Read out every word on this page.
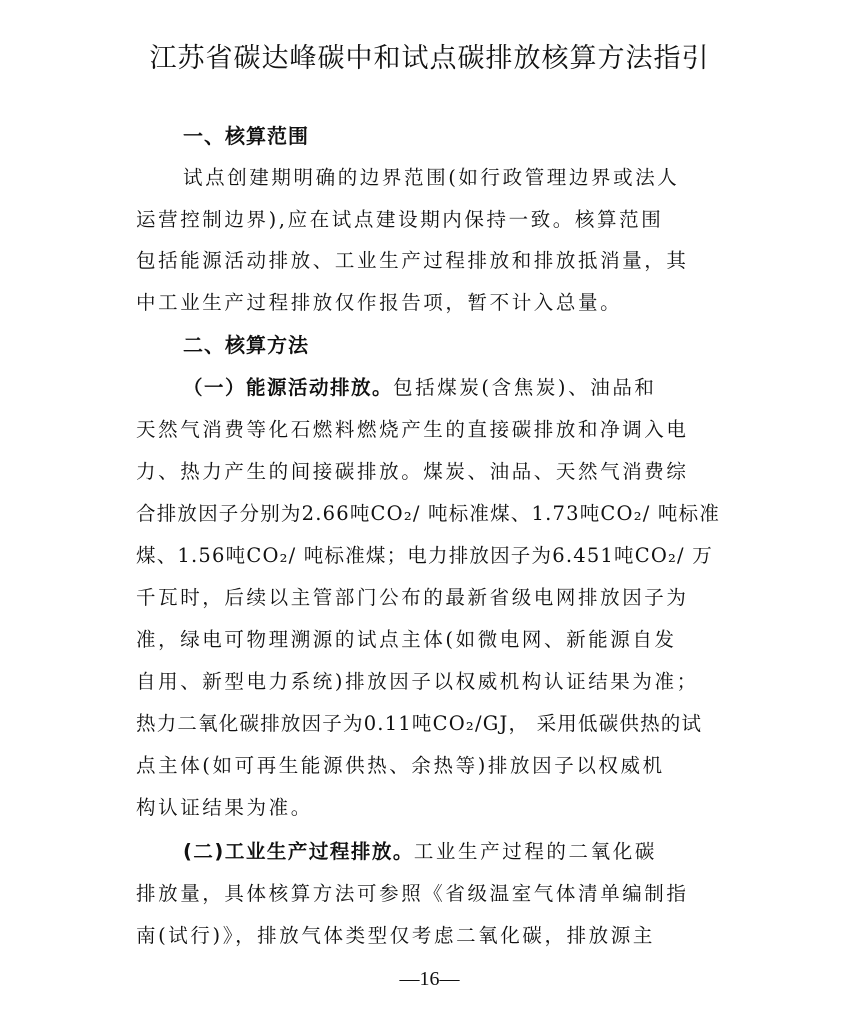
江苏省碳达峰碳中和试点碳排放核算方法指引
一、核算范围
试点创建期明确的边界范围(如行政管理边界或法人
运营控制边界),应在试点建设期内保持一致。核算范围
包括能源活动排放、工业生产过程排放和排放抵消量，其
中工业生产过程排放仅作报告项，暂不计入总量。
二、核算方法
（一）能源活动排放。包括煤炭(含焦炭)、油品和
天然气消费等化石燃料燃烧产生的直接碳排放和净调入电
力、热力产生的间接碳排放。煤炭、油品、天然气消费综
合排放因子分别为2.66吨CO₂/ 吨标准煤、1.73吨CO₂/ 吨标准
煤、1.56吨CO₂/ 吨标准煤；电力排放因子为6.451吨CO₂/ 万
千瓦时，后续以主管部门公布的最新省级电网排放因子为
准，绿电可物理溯源的试点主体(如微电网、新能源自发
自用、新型电力系统)排放因子以权威机构认证结果为准；
热力二氧化碳排放因子为0.11吨CO₂/GJ， 采用低碳供热的试
点主体(如可再生能源供热、余热等)排放因子以权威机
构认证结果为准。
(二)工业生产过程排放。工业生产过程的二氧化碳
排放量，具体核算方法可参照《省级温室气体清单编制指
南(试行)》，排放气体类型仅考虑二氧化碳，排放源主
—16—
